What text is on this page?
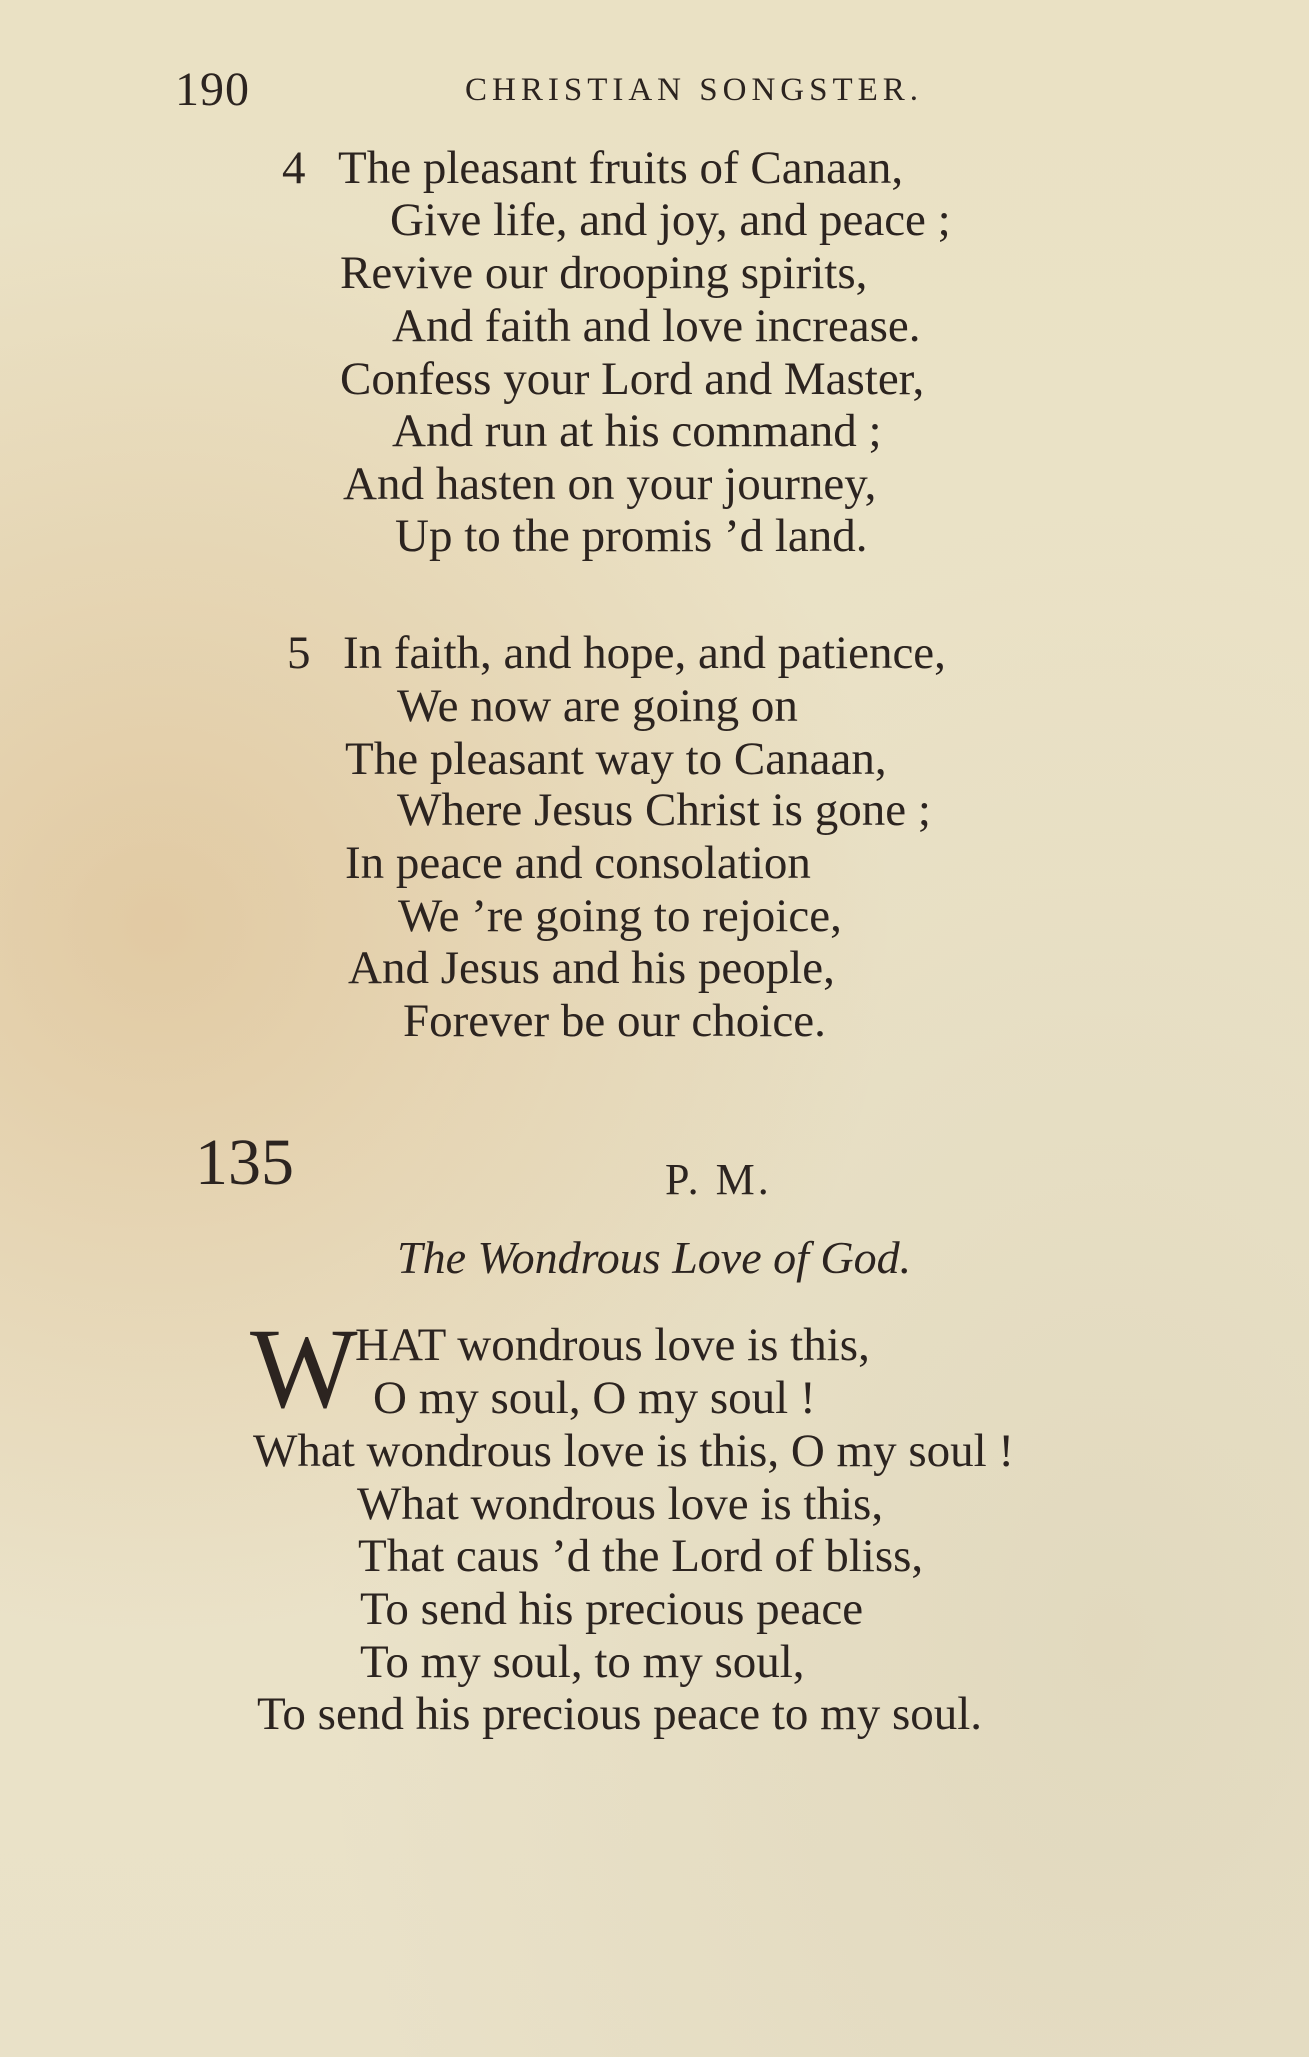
190	CHRISTIAN SONGSTER.
4 The pleasant fruits of Canaan,
Give life, and joy, and peace ;
Revive our drooping spirits,
And faith and love increase.
Confess your Lord and Master,
And run at his command ;
And hasten on your journey,
Up to the promis ’d land.
5 In faith, and hope, and patience,
We now are going on
The pleasant way to Canaan,
Where Jesus Christ is gone ;
In peace and consolation
We ’re going to rejoice,
And Jesus and his people,
Forever be our choice.
135	P. M.
The Wondrous Love of God.
W
HAT wondrous love is this,
O my soul, O my soul !
What wondrous love is this, O my soul !
What wondrous love is this,
That caus ’d the Lord of bliss,
To send his precious peace
To my soul, to my soul,
To send his precious peace to my soul.
